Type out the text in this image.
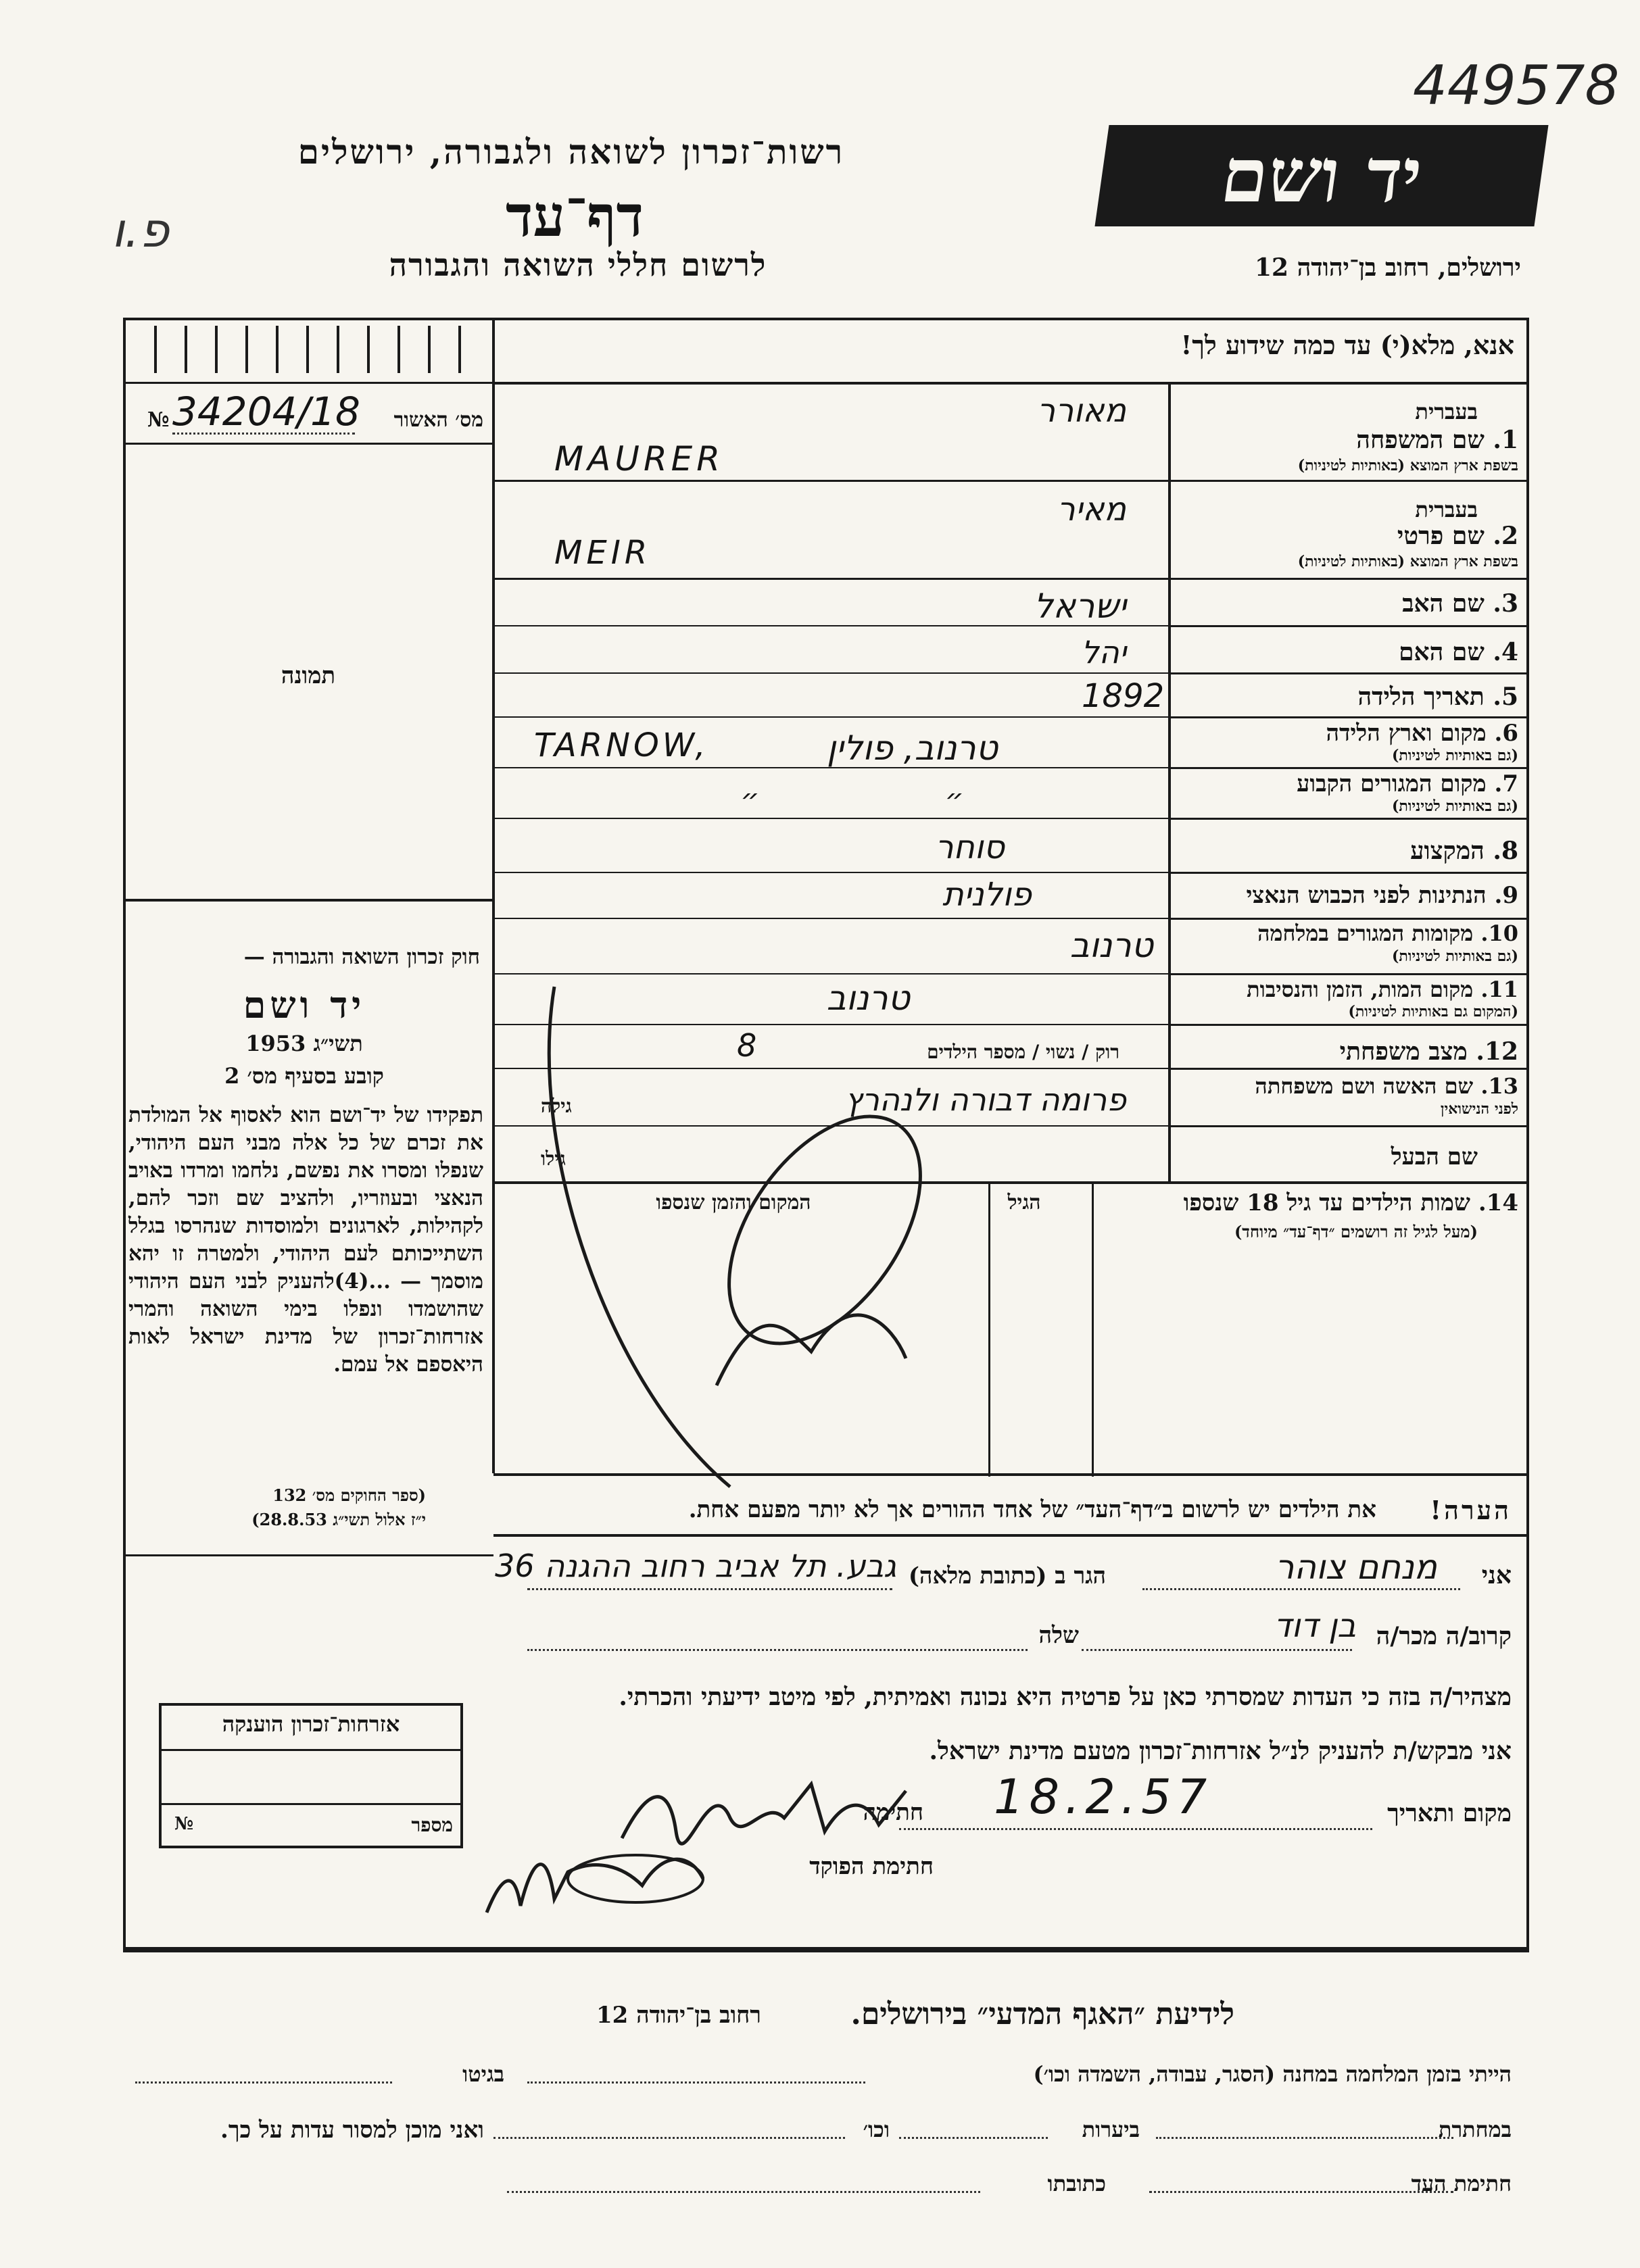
449578
רשות־זכרון לשואה ולגבורה, ירושלים
דף־עד
לרשום חללי השואה והגבורה
פ.ו
יד ושם
ירושלים, רחוב בן־יהודה 12
אנא, מלא(י) עד כמה שידוע לך!
№ 34204/18	מס׳ האשור
תמונה
חוק זכרון השואה והגבורה —
יד ושם
תשי״ג 1953
קובע בסעיף מס׳ 2
תפקידו של יד־ושם הוא לאסוף אל המולדת את זכרם של כל אלה מבני העם היהודי, שנפלו ומסרו את נפשם, נלחמו ומרדו באויב הנאצי ובעוזריו, ולהציב שם וזכר להם, לקהילות, לארגונים ולמוסדות שנהרסו בגלל השתייכותם לעם היהודי, ולמטרה זו יהא מוסמך — ...(4)להעניק לבני העם היהודי שהושמדו ונפלו בימי השואה והמרי אזרחות־זכרון של מדינת ישראל לאות היאספם אל עמם.
(ספר החוקים מס׳ 132
י״ז אלול תשי״ג 28.8.53)
בעברית
1. שם המשפחה
בשפת ארץ המוצא (באותיות לטיניות)
מאורר
MAURER
בעברית
2. שם פרטי
בשפת ארץ המוצא (באותיות לטיניות)
מאיר
MEIR
3. שם האב
ישראל
4. שם האם
יהל
5. תאריך הלידה
1892
6. מקום וארץ הלידה
(גם באותיות לטיניות)
TARNOW,	טרנוב, פולין
7. מקום המגורים הקבוע
(גם באותיות לטיניות)
״ ״
8. המקצוע
סוחר
9. הנתינות לפני הכבוש הנאצי
פולנית
10. מקומות המגורים במלחמה
(גם באותיות לטיניות)
טרנוב
11. מקום המות, הזמן והנסיבות
(המקום גם באותיות לטיניות)
טרנוב
12. מצב משפחתי
רוק / נשוי / מספר הילדים
8
13. שם האשה ושם משפחתה
לפני הנישואין
גילה	פרומה דבורה ולנהרץ
שם הבעל
גילו
14. שמות הילדים עד גיל 18 שנספו
(מעל לגיל זה רושמים ״דף־עד״ מיוחד)
הגיל
המקום והזמן שנספו
הערה!
את הילדים יש לרשום ב״דף־העד״ של אחד ההורים אך לא יותר מפעם אחת.
אני
מנחם צוהר
הגר ב (כתובת מלאה)
גבע. תל אביב רחוב ההגנה 36
קרוב/ה מכר/ה
בן דוד
שלה
מצהיר/ה בזה כי העדות שמסרתי כאן על פרטיה היא נכונה ואמיתית, לפי מיטב ידיעתי והכרתי.
אני מבקש/ת להעניק לנ״ל אזרחות־זכרון מטעם מדינת ישראל.
מקום ותאריך
18.2.57
חתימה
חתימת הפוקד
אזרחות־זכרון הוענקה
№	מספר
לידיעת ״האגף המדעי״ בירושלים.
רחוב בן־יהודה 12
הייתי בזמן המלחמה במחנה (הסגר, עבודה, השמדה וכו׳)
בגיטו
במחתרת
ביערות
וכו׳
ואני מוכן למסור עדות על כך.
חתימת העד
כתובתו
